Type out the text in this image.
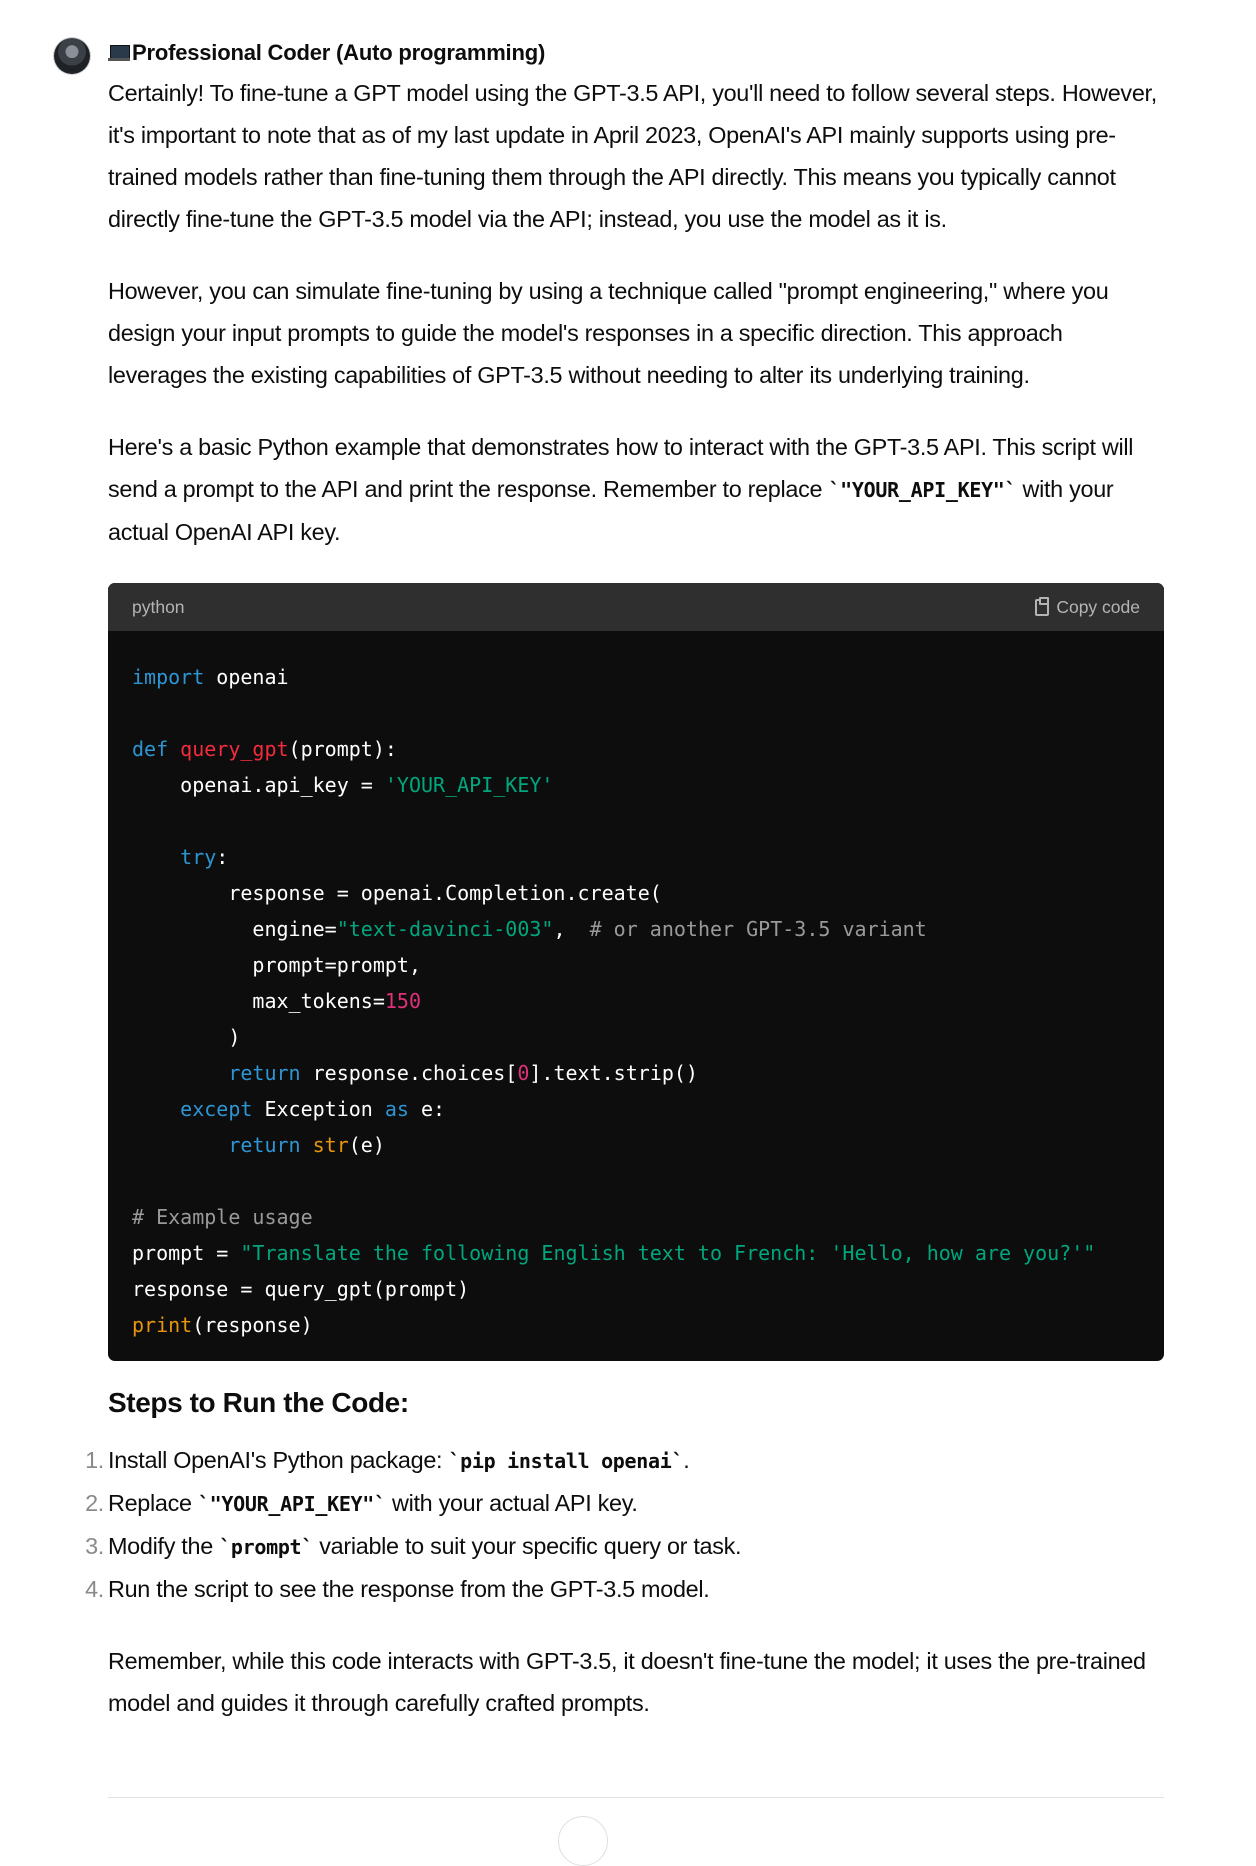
Professional Coder (Auto programming)

Certainly! To fine-tune a GPT model using the GPT-3.5 API, you'll need to follow several steps. However, it's important to note that as of my last update in April 2023, OpenAI's API mainly supports using pre-trained models rather than fine-tuning them through the API directly. This means you typically cannot directly fine-tune the GPT-3.5 model via the API; instead, you use the model as it is.

However, you can simulate fine-tuning by using a technique called "prompt engineering," where you design your input prompts to guide the model's responses in a specific direction. This approach leverages the existing capabilities of GPT-3.5 without needing to alter its underlying training.

Here's a basic Python example that demonstrates how to interact with the GPT-3.5 API. This script will send a prompt to the API and print the response. Remember to replace `"YOUR_API_KEY"` with your actual OpenAI API key.

python	Copy code
import openai

def query_gpt(prompt):
openai.api_key = 'YOUR_API_KEY'

try:
response = openai.Completion.create(
engine="text-davinci-003",  # or another GPT-3.5 variant
prompt=prompt,
max_tokens=150
)
return response.choices[0].text.strip()
except Exception as e:
return str(e)

# Example usage
prompt = "Translate the following English text to French: 'Hello, how are you?'"
response = query_gpt(prompt)
print(response)
Steps to Run the Code:
1. Install OpenAI's Python package: `pip install openai`.
2. Replace `"YOUR_API_KEY"` with your actual API key.
3. Modify the `prompt` variable to suit your specific query or task.
4. Run the script to see the response from the GPT-3.5 model.

Remember, while this code interacts with GPT-3.5, it doesn't fine-tune the model; it uses the pre-trained model and guides it through carefully crafted prompts.
